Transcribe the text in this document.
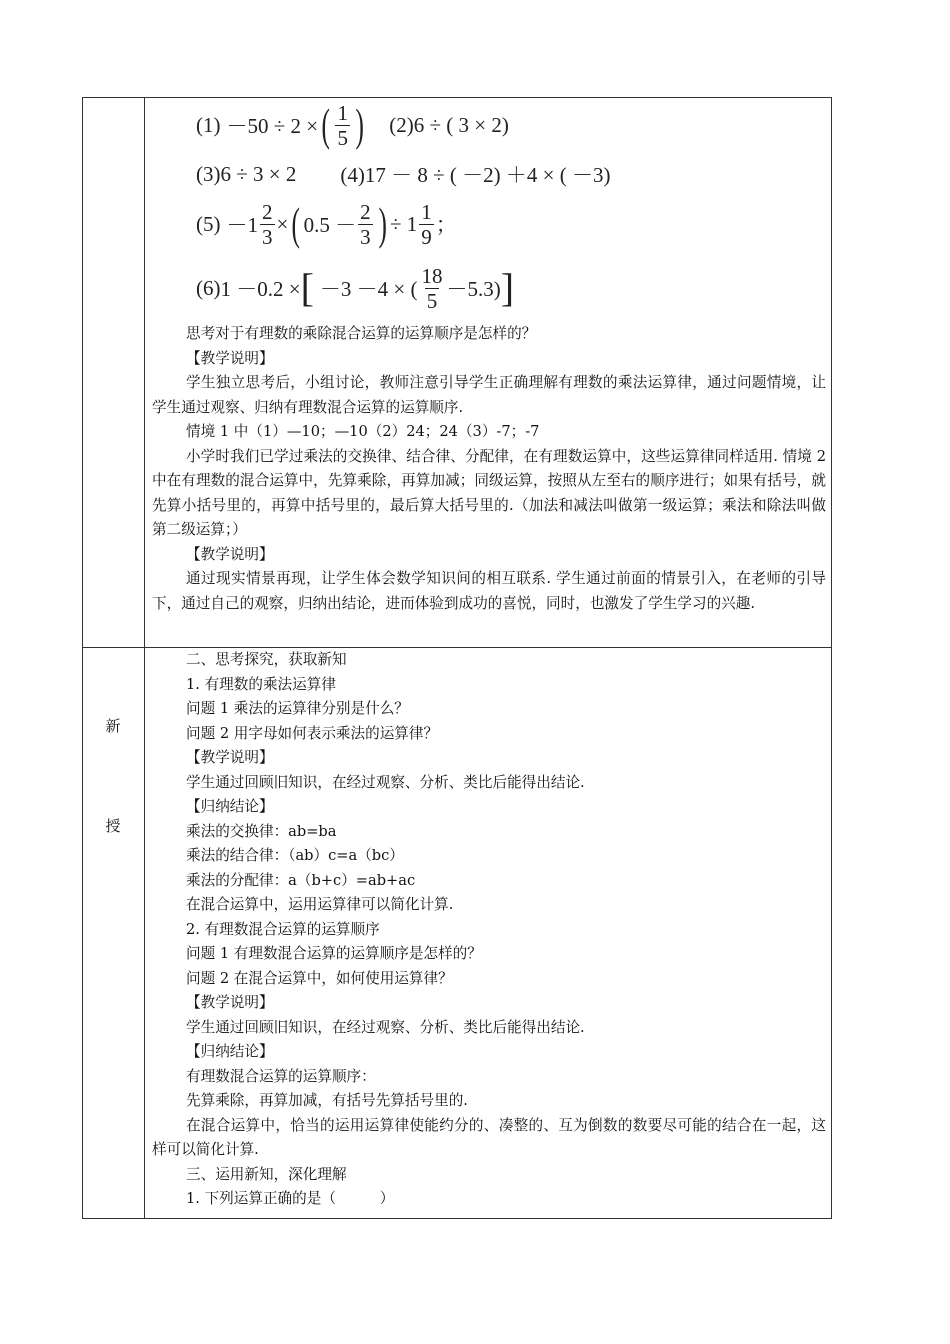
(1) －50 ÷ 2 × ( $\frac{1}{5}$ ) (2) 6 ÷ ( 3 × 2)
(3)6 ÷ 3 × 2 (4)17 － 8 ÷ ( －2) ＋4 × ( －3)
$(5) -1 \frac{2}{3}$ × ( $0.5 - \frac{2}{3}$ ) ÷ $1 \frac{1}{9}$ ；
(6) 1 －0.2 × [ －3 －4 × ( $\frac{18}{5} -5.3$) ]
思考对于有理数的乘除混合运算的运算顺序是怎样的？
【教学说明】
学生独立思考后，小组讨论，教师注意引导学生正确理解有理数的乘法运算律，通过问题情境，让学生通过观察、归纳有理数混合运算的运算顺序.
情境 1 中（1）—10；—10（2）24；24（3）-7；-7
小学时我们已学过乘法的交换律、结合律、分配律，在有理数运算中，这些运算律同样适用. 情境 2 中在有理数的混合运算中，先算乘除，再算加减；同级运算，按照从左至右的顺序进行；如果有括号，就先算小括号里的，再算中括号里的，最后算大括号里的.（加法和减法叫做第一级运算；乘法和除法叫做第二级运算；）
【教学说明】
通过现实情景再现，让学生体会数学知识间的相互联系. 学生通过前面的情景引入，在老师的引导下，通过自己的观察，归纳出结论，进而体验到成功的喜悦，同时，也激发了学生学习的兴趣.
新
授
二、思考探究，获取新知
1. 有理数的乘法运算律
问题 1 乘法的运算律分别是什么？
问题 2 用字母如何表示乘法的运算律？
【教学说明】
学生通过回顾旧知识，在经过观察、分析、类比后能得出结论.
【归纳结论】
乘法的交换律：ab=ba
乘法的结合律：（ab）c=a（bc）
乘法的分配律：a（b+c）=ab+ac
在混合运算中，运用运算律可以简化计算.
2. 有理数混合运算的运算顺序
问题 1 有理数混合运算的运算顺序是怎样的？
问题 2 在混合运算中，如何使用运算律？
【教学说明】
学生通过回顾旧知识，在经过观察、分析、类比后能得出结论.
【归纳结论】
有理数混合运算的运算顺序：
先算乘除，再算加减，有括号先算括号里的.
在混合运算中，恰当的运用运算律使能约分的、凑整的、互为倒数的数要尽可能的结合在一起，这样可以简化计算.
三、运用新知，深化理解
1. 下列运算正确的是（　　　）
